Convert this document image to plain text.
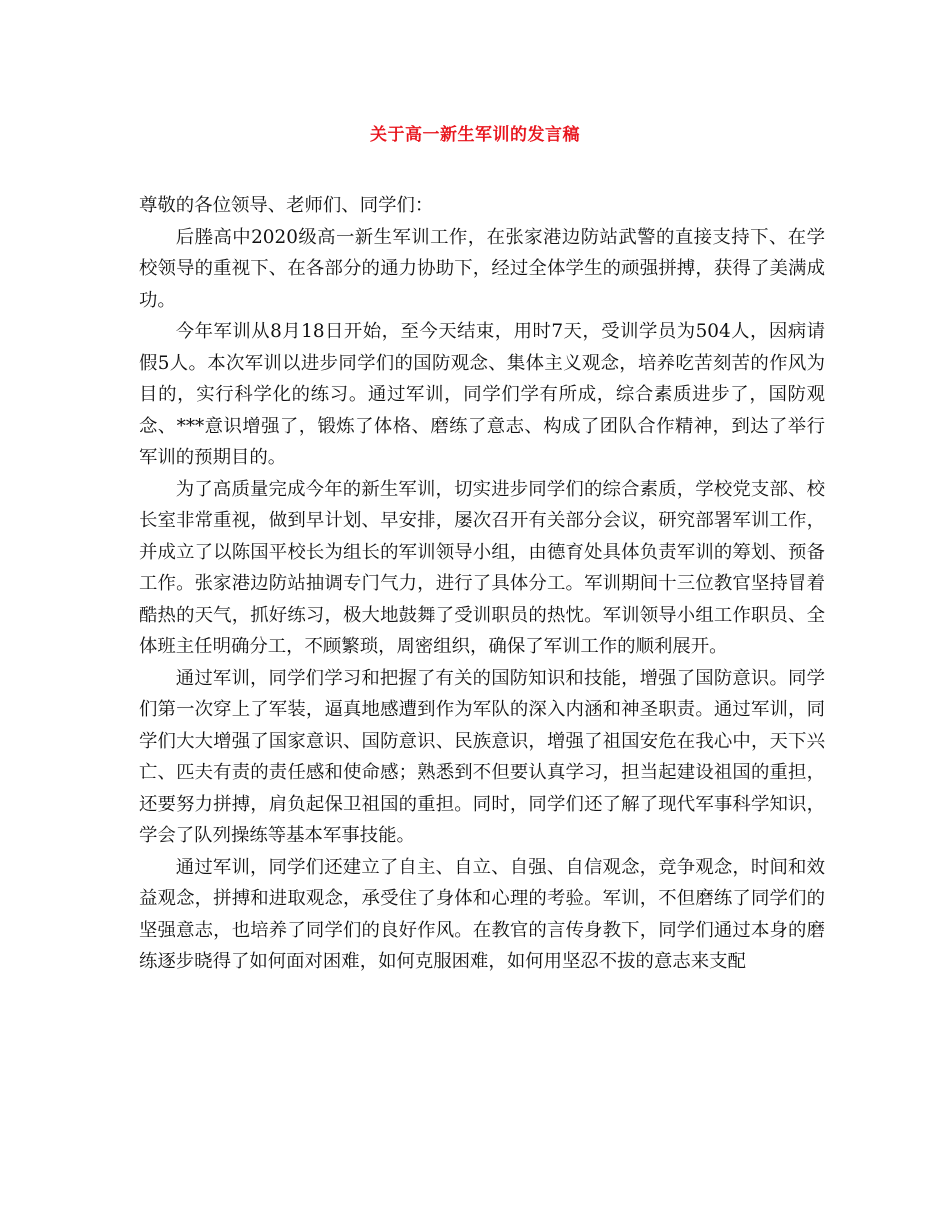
关于高一新生军训的发言稿

尊敬的各位领导、老师们、同学们：

后塍高中2020级高一新生军训工作，在张家港边防站武警的直接支持下、在学校领导的重视下、在各部分的通力协助下，经过全体学生的顽强拼搏，获得了美满成功。

今年军训从8月18日开始，至今天结束，用时7天，受训学员为504人，因病请假5人。本次军训以进步同学们的国防观念、集体主义观念，培养吃苦刻苦的作风为目的，实行科学化的练习。通过军训，同学们学有所成，综合素质进步了，国防观念、***意识增强了，锻炼了体格、磨练了意志、构成了团队合作精神，到达了举行军训的预期目的。

为了高质量完成今年的新生军训，切实进步同学们的综合素质，学校党支部、校长室非常重视，做到早计划、早安排，屡次召开有关部分会议，研究部署军训工作，并成立了以陈国平校长为组长的军训领导小组，由德育处具体负责军训的筹划、预备工作。张家港边防站抽调专门气力，进行了具体分工。军训期间十三位教官坚持冒着酷热的天气，抓好练习，极大地鼓舞了受训职员的热忱。军训领导小组工作职员、全体班主任明确分工，不顾繁琐，周密组织，确保了军训工作的顺利展开。

通过军训，同学们学习和把握了有关的国防知识和技能，增强了国防意识。同学们第一次穿上了军装，逼真地感遭到作为军队的深入内涵和神圣职责。通过军训，同学们大大增强了国家意识、国防意识、民族意识，增强了祖国安危在我心中，天下兴亡、匹夫有责的责任感和使命感；熟悉到不但要认真学习，担当起建设祖国的重担，还要努力拼搏，肩负起保卫祖国的重担。同时，同学们还了解了现代军事科学知识，学会了队列操练等基本军事技能。

通过军训，同学们还建立了自主、自立、自强、自信观念，竞争观念，时间和效益观念，拼搏和进取观念，承受住了身体和心理的考验。军训，不但磨练了同学们的坚强意志，也培养了同学们的良好作风。在教官的言传身教下，同学们通过本身的磨练逐步晓得了如何面对困难，如何克服困难，如何用坚忍不拔的意志来支配
